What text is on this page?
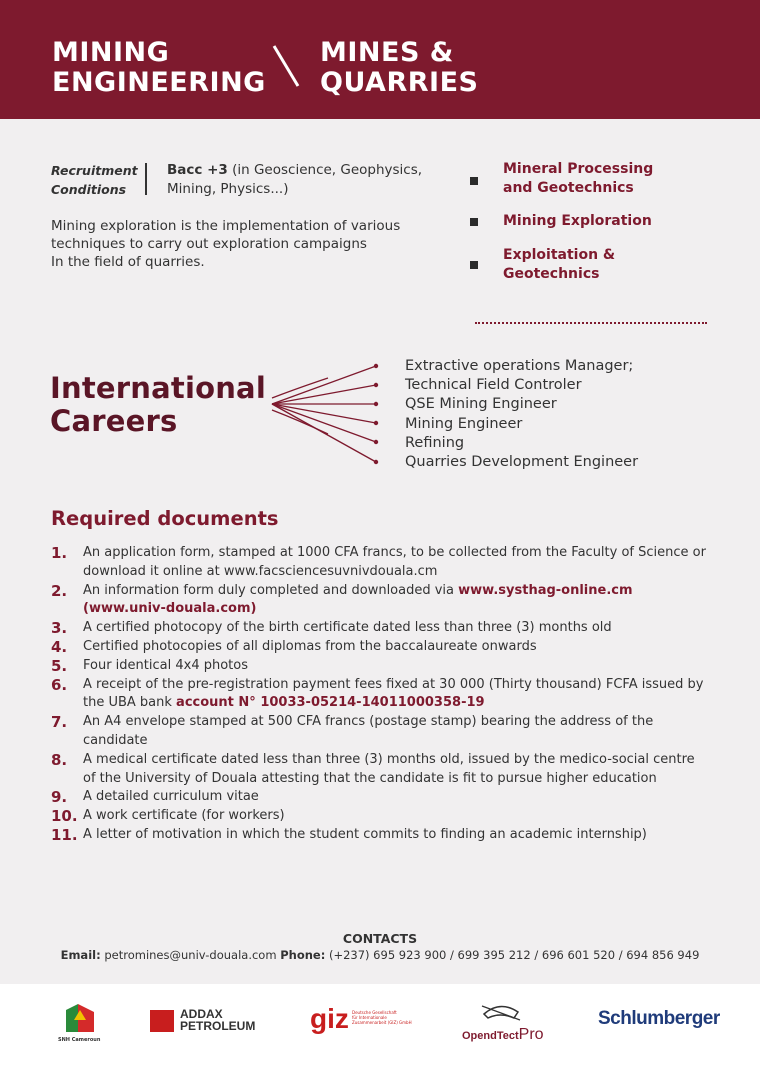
MINING
ENGINEERING
MINES &
QUARRIES
Recruitment
Conditions
Bacc +3 (in Geoscience, Geophysics, Mining, Physics...)
Mining exploration is the implementation of various
techniques to carry out exploration campaigns
In the field of quarries.
Mineral Processing
and Geotechnics
Mining Exploration
Exploitation &
Geotechnics
International
Careers
Extractive operations Manager;
Technical Field Controler
QSE Mining Engineer
Mining Engineer
Refining
Quarries Development Engineer
Required documents
1. An application form, stamped at 1000 CFA francs, to be collected from the Faculty of Science or download it online at www.facsciencesuvnivdouala.cm
2. An information form duly completed and downloaded via www.systhag-online.cm (www.univ-douala.com)
3. A certified photocopy of the birth certificate dated less than three (3) months old
4. Certified photocopies of all diplomas from the baccalaureate onwards
5. Four identical 4x4 photos
6. A receipt of the pre-registration payment fees fixed at 30 000 (Thirty thousand) FCFA issued by the UBA bank account N° 10033-05214-14011000358-19
7. An A4 envelope stamped at 500 CFA francs (postage stamp) bearing the address of the candidate
8. A medical certificate dated less than three (3) months old, issued by the medico-social centre of the University of Douala attesting that the candidate is fit to pursue higher education
9. A detailed curriculum vitae
10. A work certificate (for workers)
11. A letter of motivation in which the student commits to finding an academic internship)
CONTACTS
Email: petromines@univ-douala.com Phone: (+237) 695 923 900 / 699 395 212 / 696 601 520 / 694 856 949
SNH Cameroun
ADDAX
PETROLEUM giz Deutsche Gesellschaft
für Internationale
Zusammenarbeit (GIZ) GmbH
OpendTectPro
Schlumberger
